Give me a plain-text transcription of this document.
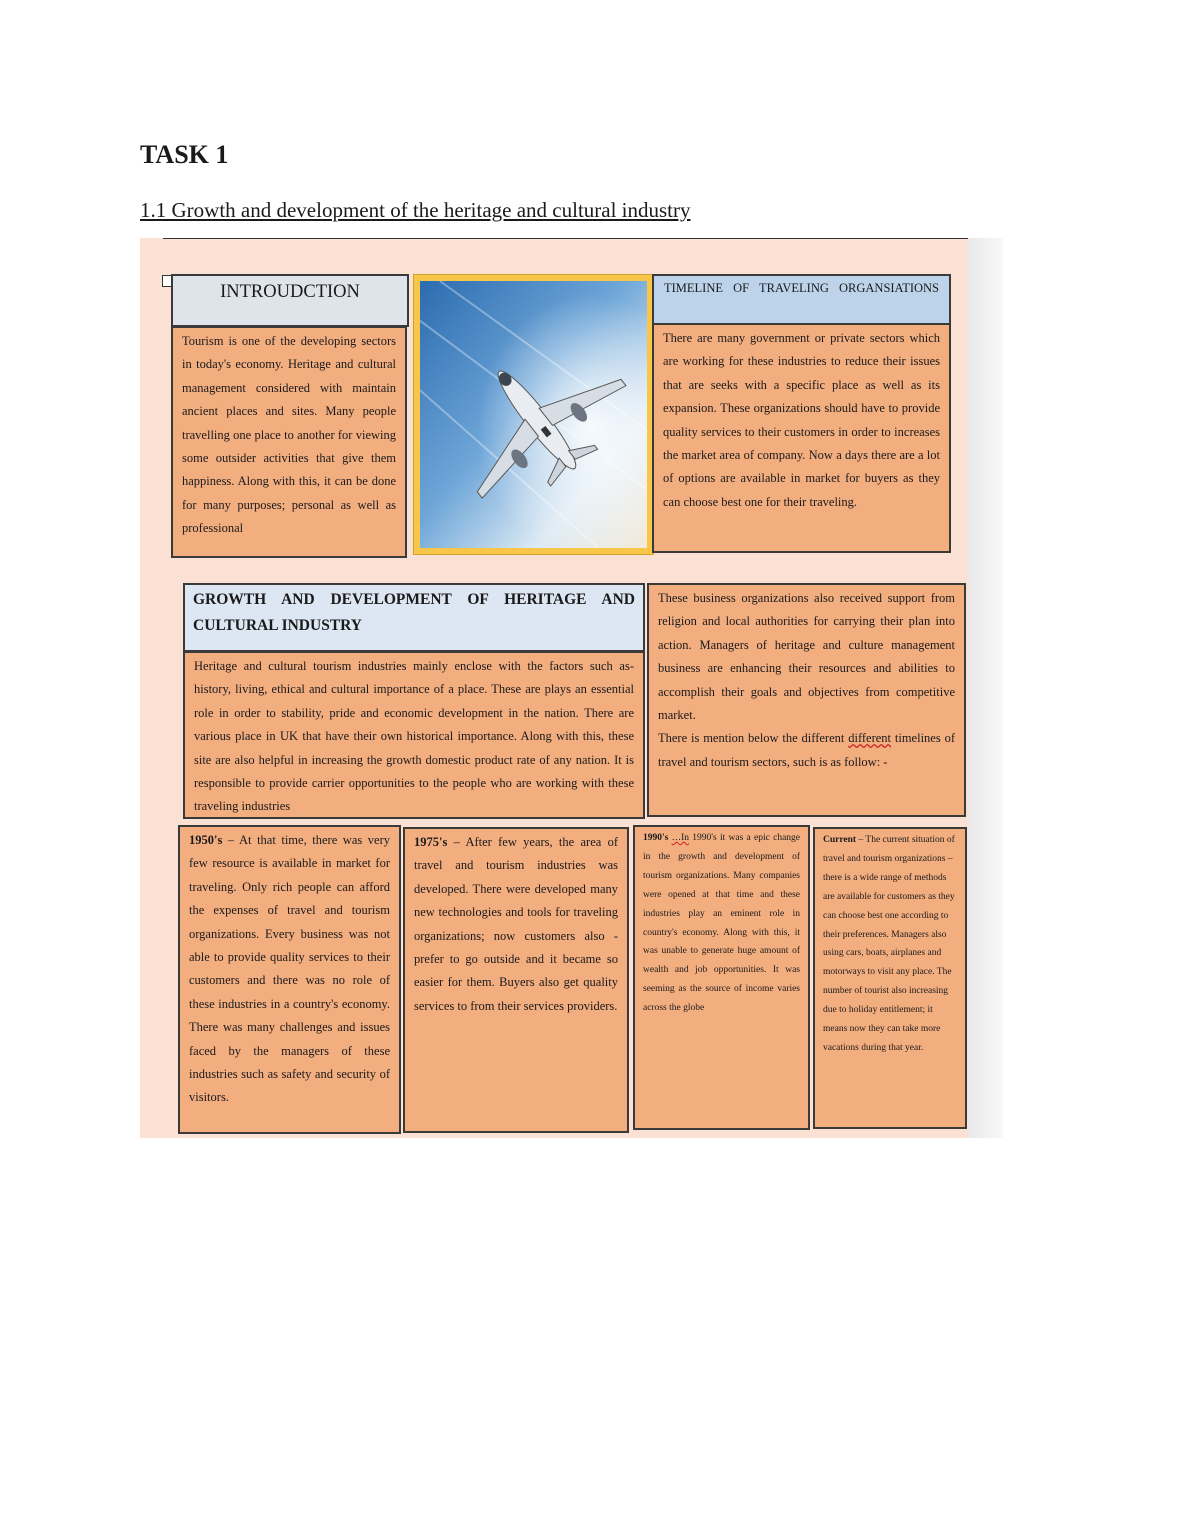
TASK 1
1.1 Growth and development of the heritage and cultural industry
INTROUDCTION
Tourism is one of the developing sectors in today's economy. Heritage and cultural management considered with maintain ancient places and sites. Many people travelling one place to another for viewing some outsider activities that give them happiness. Along with this, it can be done for many purposes; personal as well as professional
TIMELINE OF TRAVELING ORGANSIATIONS
There are many government or private sectors which are working for these industries to reduce their issues that are seeks with a specific place as well as its expansion. These organizations should have to provide quality services to their customers in order to increases the market area of company. Now a days there are a lot of options are available in market for buyers as they can choose best one for their traveling.
GROWTH AND DEVELOPMENT OF HERITAGE AND CULTURAL INDUSTRY
Heritage and cultural tourism industries mainly enclose with the factors such as- history, living, ethical and cultural importance of a place. These are plays an essential role in order to stability, pride and economic development in the nation. There are various place in UK that have their own historical importance. Along with this, these site are also helpful in increasing the growth domestic product rate of any nation. It is responsible to provide carrier opportunities to the people who are working with these traveling industries
These business organizations also received support from religion and local authorities for carrying their plan into action. Managers of heritage and culture management business are enhancing their resources and abilities to accomplish their goals and objectives from competitive market.
There is mention below the different different timelines of travel and tourism sectors, such is as follow: -
1950's – At that time, there was very few resource is available in market for traveling. Only rich people can afford the expenses of travel and tourism organizations. Every business was not able to provide quality services to their customers and there was no role of these industries in a country's economy. There was many challenges and issues faced by the managers of these industries such as safety and security of visitors.
1975's – After few years, the area of travel and tourism industries was developed. There were developed many new technologies and tools for traveling organizations; now customers also -prefer to go outside and it became so easier for them. Buyers also get quality services to from their services providers.
1990's …In 1990's it was a epic change in the growth and development of tourism organizations. Many companies were opened at that time and these industries play an eminent role in country's economy. Along with this, it was unable to generate huge amount of wealth and job opportunities. It was seeming as the source of income varies across the globe
Current – The current situation of travel and tourism organizations – there is a wide range of methods are available for customers as they can choose best one according to their preferences. Managers also using cars, boats, airplanes and motorways to visit any place. The number of tourist also increasing due to holiday entitlement; it means now they can take more vacations during that year.
